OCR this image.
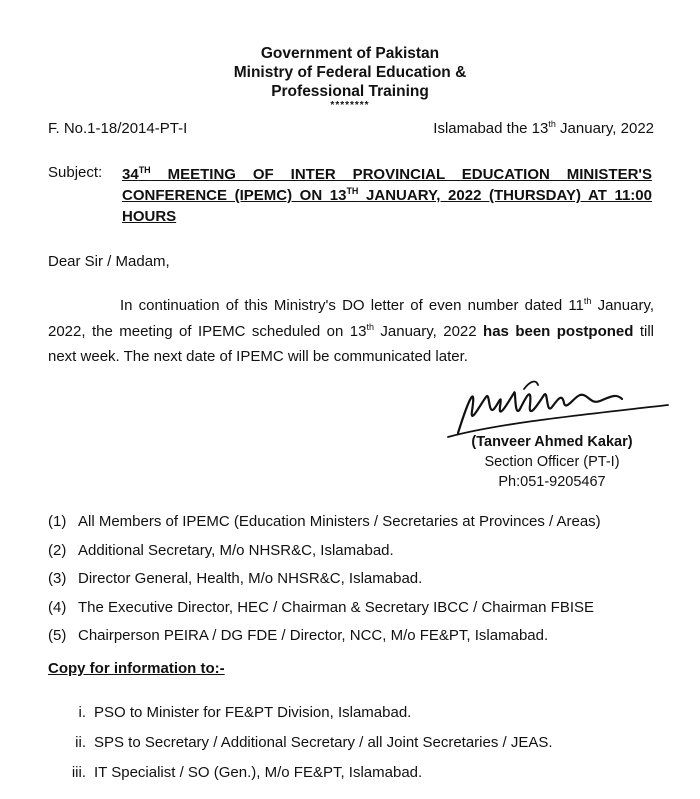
Government of Pakistan
Ministry of Federal Education &
Professional Training
********
F. No.1-18/2014-PT-I	Islamabad the 13th January, 2022
Subject: 34TH MEETING OF INTER PROVINCIAL EDUCATION MINISTER'S CONFERENCE (IPEMC) ON 13TH JANUARY, 2022 (THURSDAY) AT 11:00 HOURS
Dear Sir / Madam,
In continuation of this Ministry's DO letter of even number dated 11th January, 2022, the meeting of IPEMC scheduled on 13th January, 2022 has been postponed till next week. The next date of IPEMC will be communicated later.
(Tanveer Ahmed Kakar)
Section Officer (PT-I)
Ph:051-9205467
(1) All Members of IPEMC (Education Ministers / Secretaries at Provinces / Areas)
(2) Additional Secretary, M/o NHSR&C, Islamabad.
(3) Director General, Health, M/o NHSR&C, Islamabad.
(4) The Executive Director, HEC / Chairman & Secretary IBCC / Chairman FBISE
(5) Chairperson PEIRA / DG FDE / Director, NCC, M/o FE&PT, Islamabad.
Copy for information to:-
i. PSO to Minister for FE&PT Division, Islamabad.
ii. SPS to Secretary / Additional Secretary / all Joint Secretaries / JEAS.
iii. IT Specialist / SO (Gen.), M/o FE&PT, Islamabad.
